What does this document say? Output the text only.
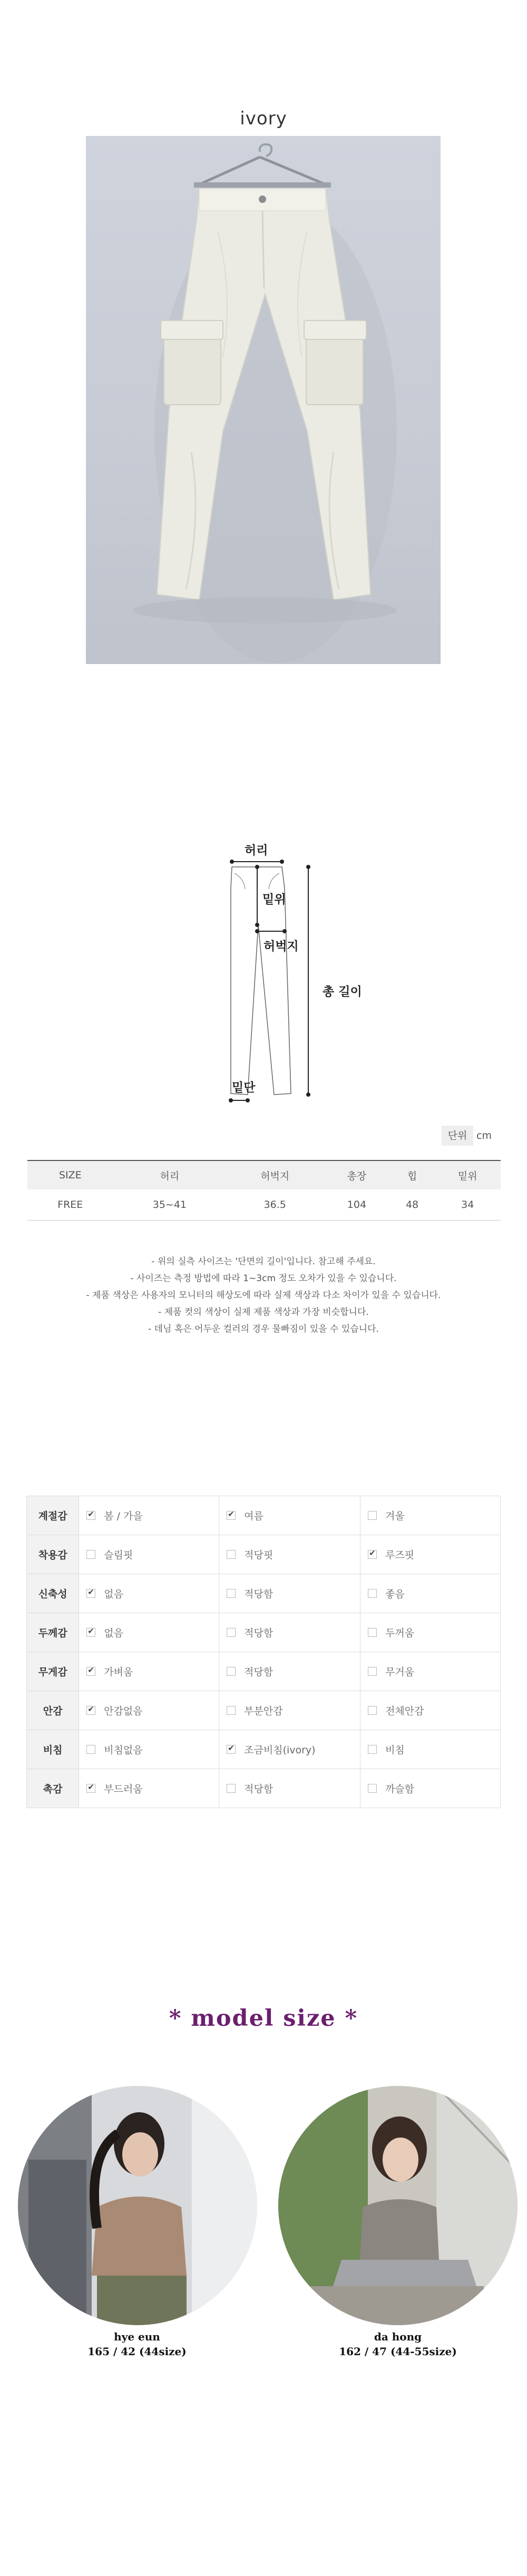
ivory
허리
밑위
허벅지
총 길이
밑단
단위 cm
SIZE	허리	허벅지	총장	힙	밑위
FREE	35~41	36.5	104	48	34
- 위의 실측 사이즈는 '단면의 길이'입니다. 참고해 주세요.
- 사이즈는 측정 방법에 따라 1~3cm 정도 오차가 있을 수 있습니다.
- 제품 색상은 사용자의 모니터의 해상도에 따라 실제 색상과 다소 차이가 있을 수 있습니다.
- 제품 컷의 색상이 실제 제품 색상과 가장 비슷합니다.
- 데님 혹은 어두운 컬러의 경우 물빠짐이 있을 수 있습니다.
계절감	✔봄 / 가을	✔여름	겨울
착용감	슬림핏	적당핏	✔루즈핏
신축성	✔없음	적당함	좋음
두께감	✔없음	적당함	두꺼움
무게감	✔가벼움	적당함	무거움
안감	✔안감없음	부분안감	전체안감
비침	비침없음	✔조금비침(ivory)	비침
촉감	✔부드러움	적당함	까슬함
* model size *
hye eun
165 / 42 (44size)
da hong
162 / 47 (44-55size)
